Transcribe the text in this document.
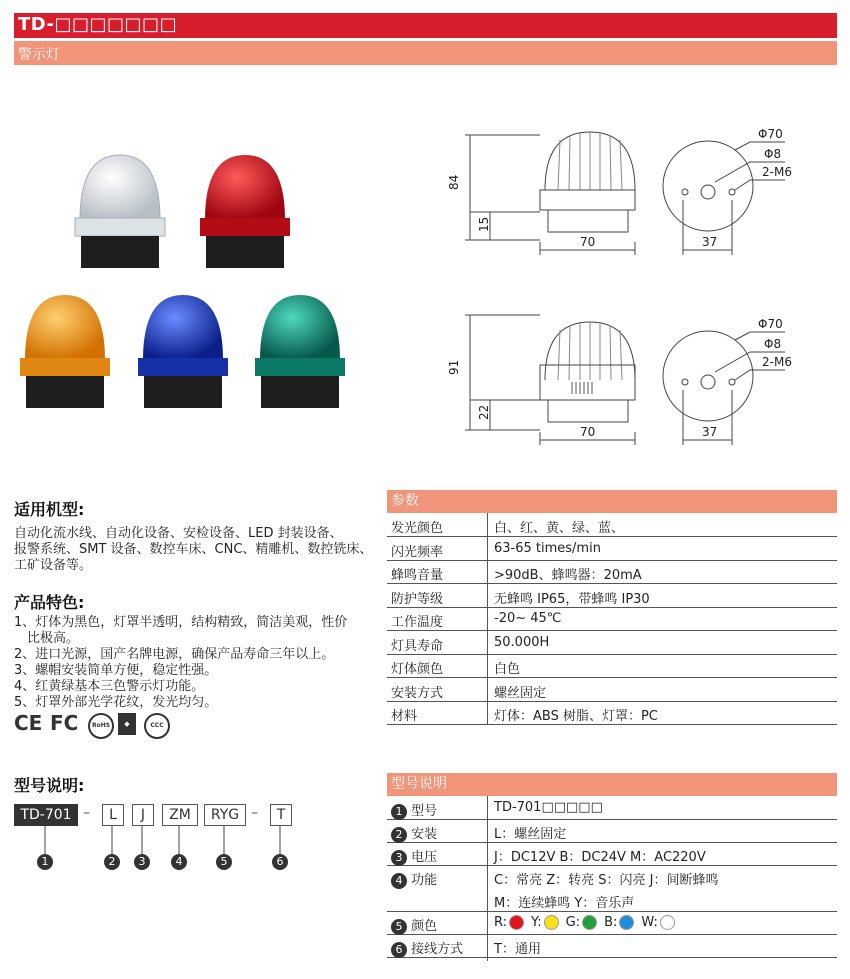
TD-□□□□□□□
警示灯
84
15
70	37
Φ70
Φ8
2-M6
91
22
70	37
Φ70
Φ8
2-M6
适用机型:
自动化流水线、自动化设备、安检设备、LED 封装设备、
报警系统、SMT 设备、数控车床、CNC、精雕机、数控铣床、
工矿设备等。
产品特色:
1、灯体为黑色，灯罩半透明，结构精致，简洁美观，性价
　比极高。
2、进口光源，国产名牌电源，确保产品寿命三年以上。
3、螺帽安装简单方便，稳定性强。
4、红黄绿基本三色警示灯功能。
5、灯罩外部光学花纹，发光均匀。
CE FC	RoHS	◆	CCC
型号说明:
TD-701 –	L	J	ZM	RYG –	T
1	2	3	4	5	6
参数
发光颜色	白、红、黄、绿、蓝、
闪光频率	63-65 times/min
蜂鸣音量	>90dB、蜂鸣器：20mA
防护等级	无蜂鸣 IP65，带蜂鸣 IP30
工作温度	-20~ 45℃
灯具寿命	50.000H
灯体颜色	白色
安装方式	螺丝固定
材料	灯体：ABS 树脂、灯罩：PC
型号说明
1 型号	TD-701□□□□□
2 安装	L：螺丝固定
3 电压	J：DC12V B：DC24V M：AC220V
4 功能	C：常亮 Z：转亮 S：闪亮 J：间断蜂鸣
M：连续蜂鸣 Y：音乐声
5 颜色	R: Y: G: B: W:
6 接线方式 T：通用
